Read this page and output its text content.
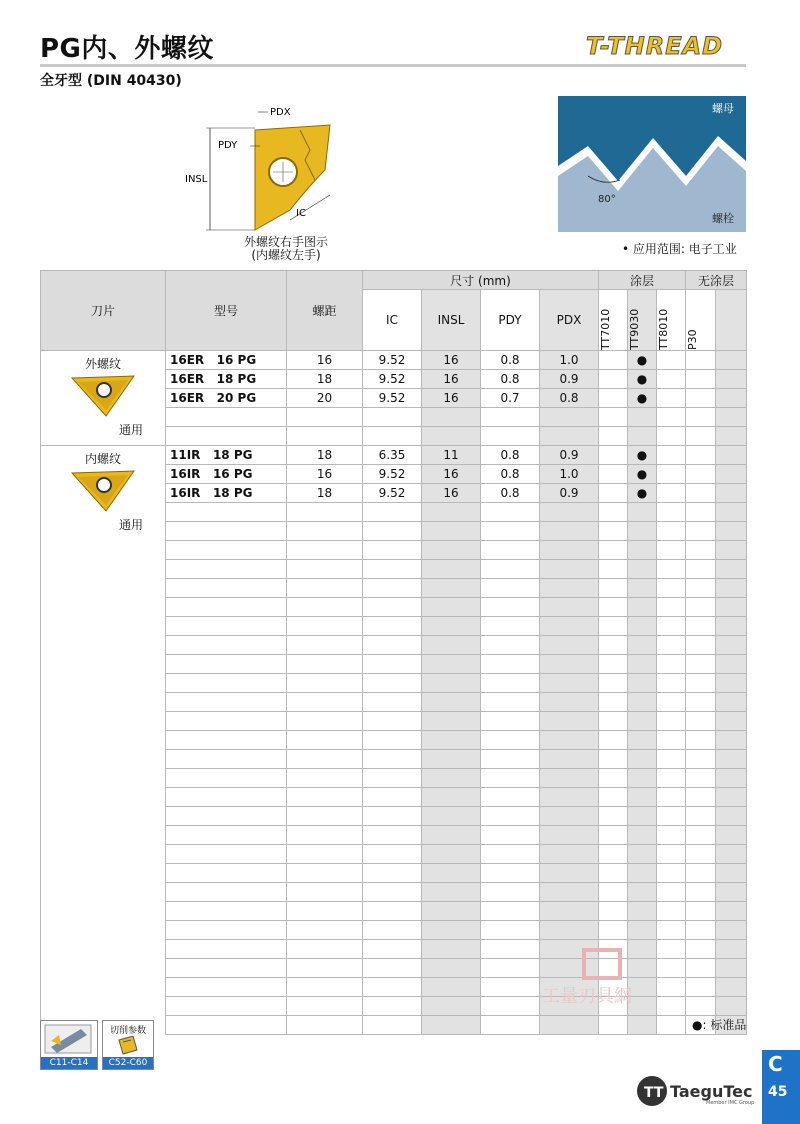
PG内、外螺纹
全牙型 (DIN 40430)
T-THREAD
PDX
PDY
INSL
IC
外螺纹右手图示
(内螺纹左手)
螺母
螺栓
80°
• 应用范围: 电子工业
刀片	型号	螺距	尺寸 (mm)				涂层			无涂层	
			IC	INSL	PDY	PDX	TT7010	TT9030	TT8010	P30	

外螺纹
通用	16ER   16 PG	16	9.52	16	0.8	1.0		●			
	16ER   18 PG	18	9.52	16	0.8	0.9		●			
	16ER   20 PG	20	9.52	16	0.7	0.8		●			

内螺纹
通用	11IR   18 PG	18	6.35	11	0.8	0.9		●			
	16IR   16 PG	16	9.52	16	0.8	1.0		●			
	16IR   18 PG	18	9.52	16	0.8	0.9		●			

●: 标准品
C11-C14
切削参数
C52-C60
工量刃具網
TT TaeguTec
Member IMC Group
C
45
